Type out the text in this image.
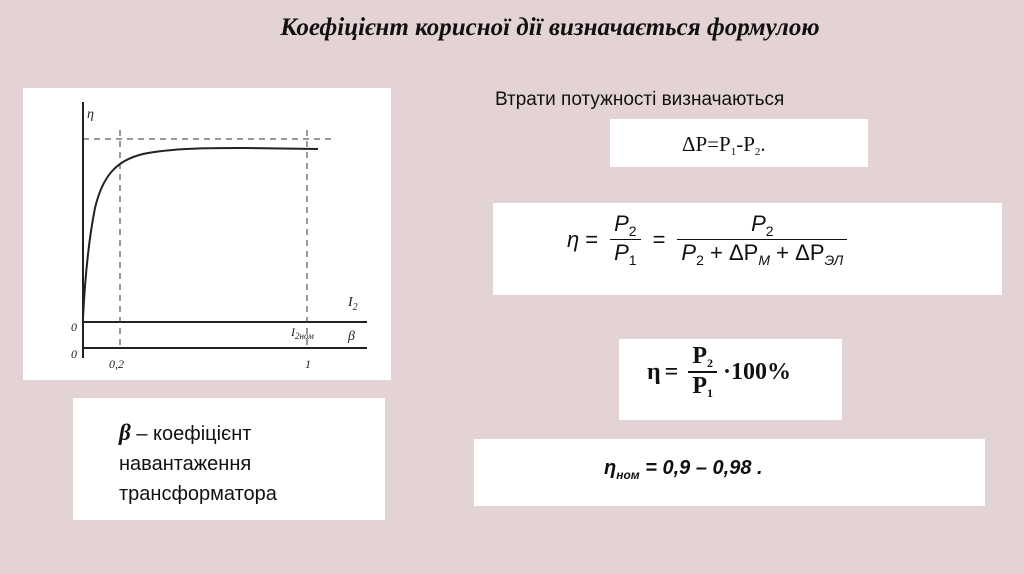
Коефіцієнт корисної дії визначається формулою
η
$I_2$
β
0
0
$I_{2ном}$
0,2	1
β – коефіцієнт
навантаження
трансформатора
Втрати потужності визначаються
$\Delta P=P_1-P_2$.
$\eta = \frac{P_2}{P_1} = \frac{P_2}{P_2 + \Delta P_M + \Delta P_{ЭЛ}}$
$\eta = \frac{P_2}{P_1} \cdot 100\%$
$\eta_{ном} = 0,9 - 0,98$ .
